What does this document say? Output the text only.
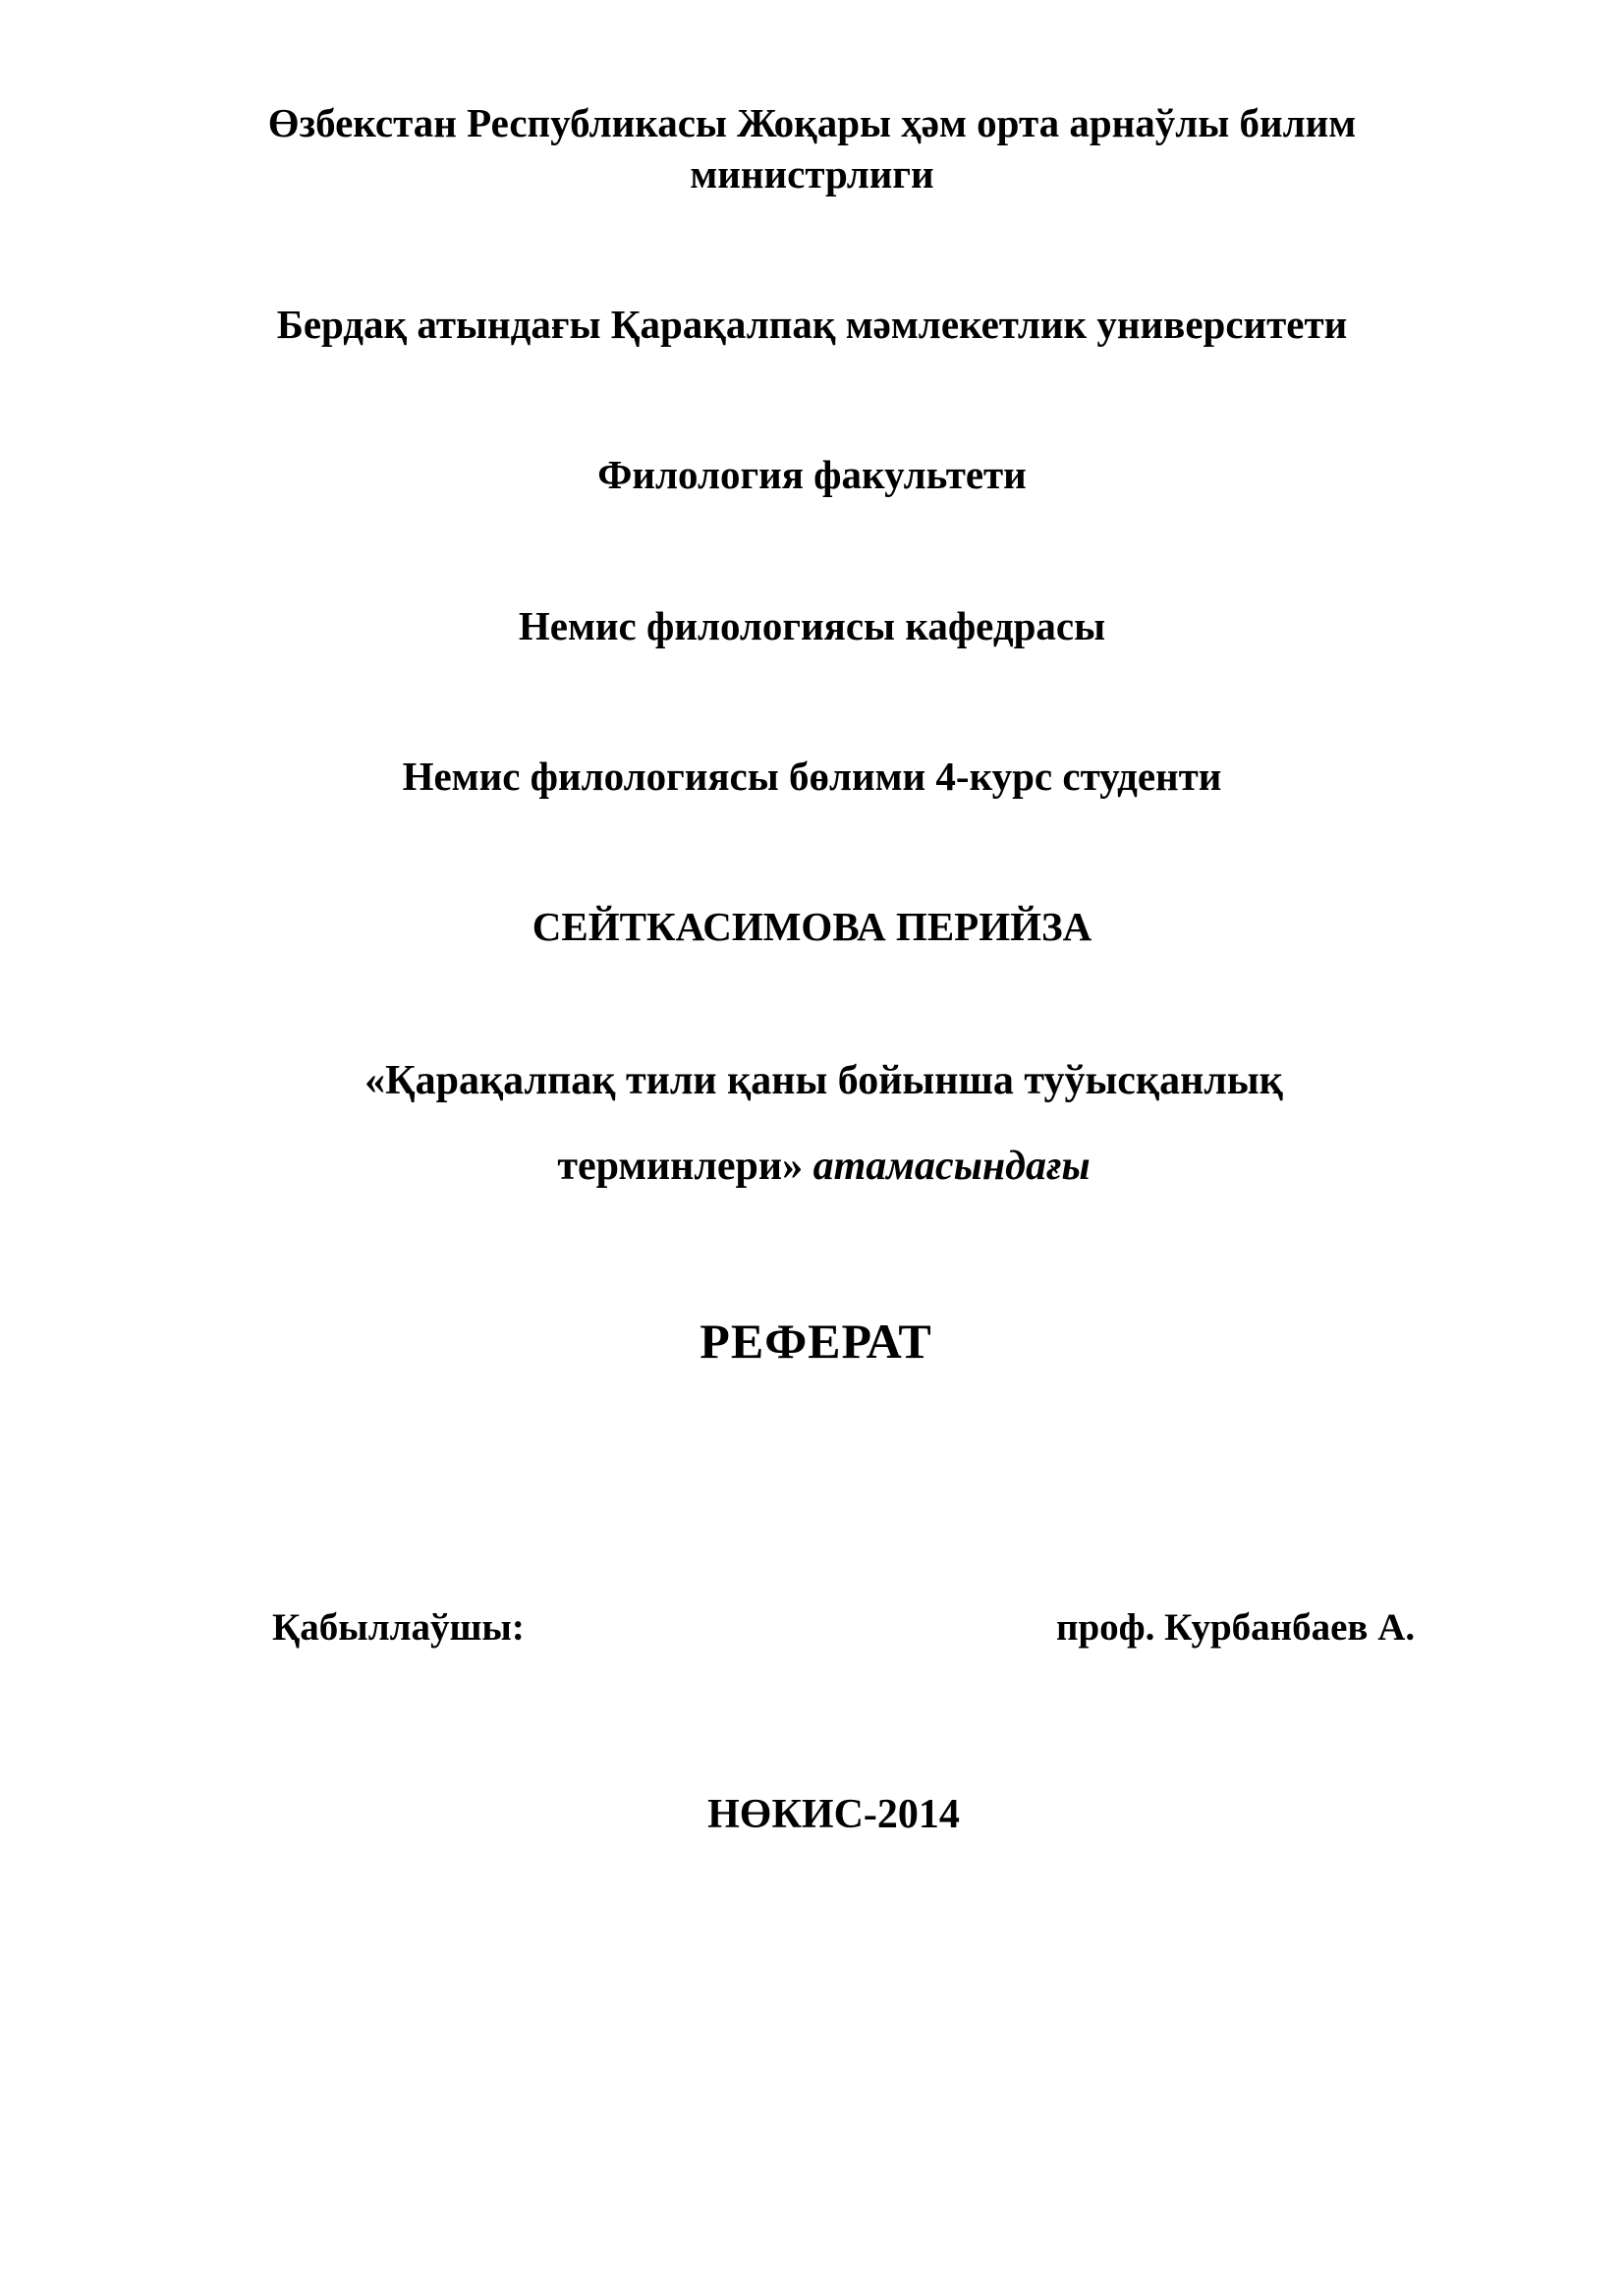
Өзбекстан Республикасы Жоқары ҳәм орта арнаўлы билим
министрлиги
Бердақ атындағы Қарақалпақ мәмлекетлик университети
Филология факультети
Немис филологиясы кафедрасы
Немис филологиясы бөлими 4-курс студенти
СЕЙТКАСИМОВА ПЕРИЙЗА
«Қарақалпақ тили қаны бойынша туўысқанлық
терминлери» атамасындағы
РЕФЕРАТ
Қабыллаўшы:	проф. Курбанбаев А.
НӨКИС-2014
